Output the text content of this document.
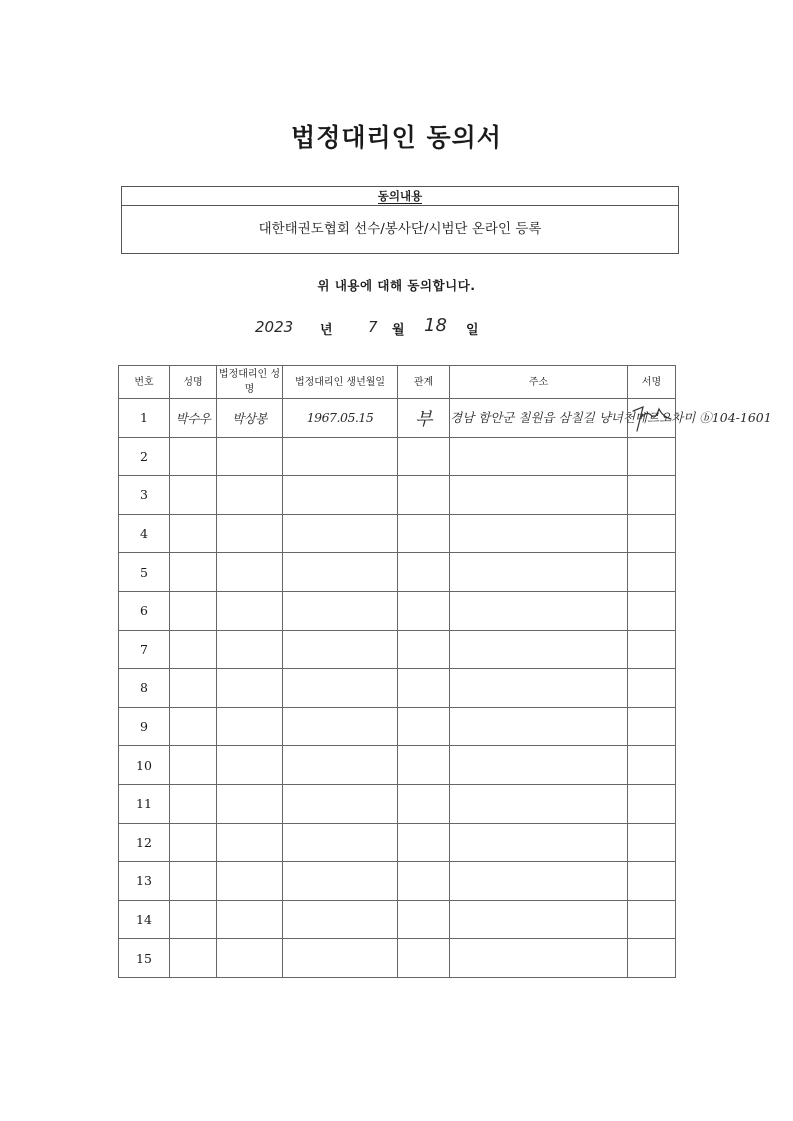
법정대리인 동의서
동의내용
대한태권도협회 선수/봉사단/시범단 온라인 등록
위 내용에 대해 동의합니다.
2023 년 7 월 18 일
번호	성명	법정대리인 성명	법정대리인 생년월일	관계	주소	서명
1	박수우	박상봉	1967.05.15	부	경남 함안군 칠원읍 삼칠길 냥녀천메르오차미 ⓑ104-1601	

2						
3						
4						
5						
6						
7						
8						
9						
10						
11						
12						
13						
14						
15						
